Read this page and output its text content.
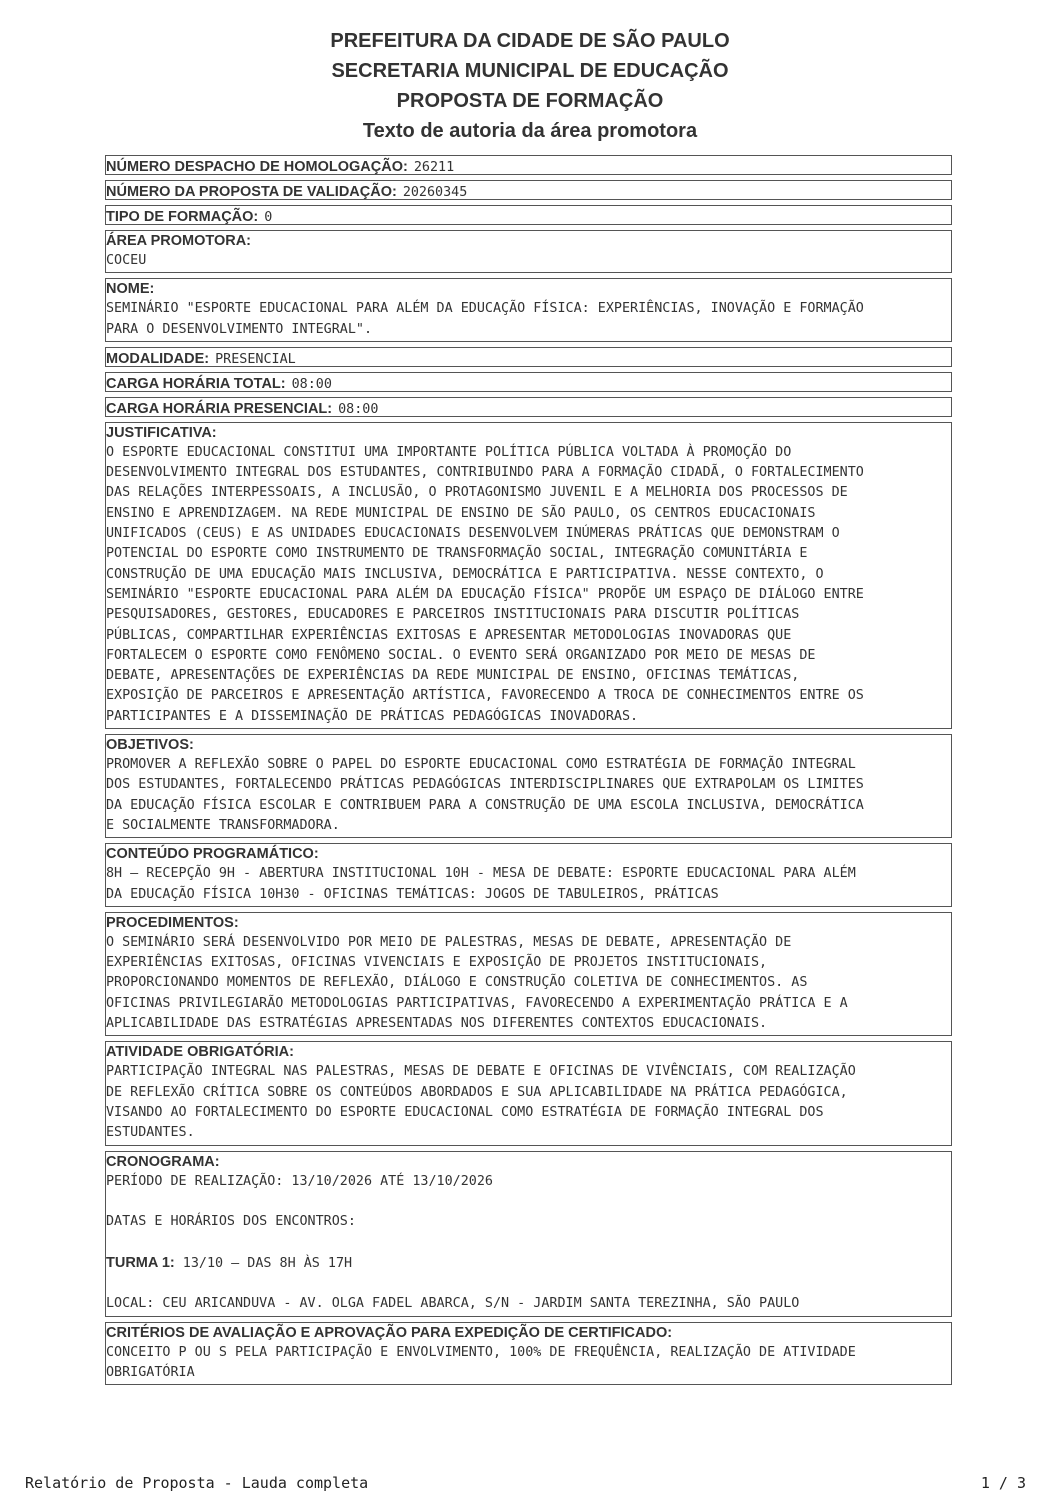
PREFEITURA DA CIDADE DE SÃO PAULO
SECRETARIA MUNICIPAL DE EDUCAÇÃO
PROPOSTA DE FORMAÇÃO
Texto de autoria da área promotora
NÚMERO DESPACHO DE HOMOLOGAÇÃO: 26211
NÚMERO DA PROPOSTA DE VALIDAÇÃO: 20260345
TIPO DE FORMAÇÃO: 0
ÁREA PROMOTORA:
COCEU
NOME:
SEMINÁRIO "ESPORTE EDUCACIONAL PARA ALÉM DA EDUCAÇÃO FÍSICA: EXPERIÊNCIAS, INOVAÇÃO E FORMAÇÃO
PARA O DESENVOLVIMENTO INTEGRAL".
MODALIDADE: PRESENCIAL
CARGA HORÁRIA TOTAL: 08:00
CARGA HORÁRIA PRESENCIAL: 08:00
JUSTIFICATIVA:
O ESPORTE EDUCACIONAL CONSTITUI UMA IMPORTANTE POLÍTICA PÚBLICA VOLTADA À PROMOÇÃO DO
DESENVOLVIMENTO INTEGRAL DOS ESTUDANTES, CONTRIBUINDO PARA A FORMAÇÃO CIDADÃ, O FORTALECIMENTO
DAS RELAÇÕES INTERPESSOAIS, A INCLUSÃO, O PROTAGONISMO JUVENIL E A MELHORIA DOS PROCESSOS DE
ENSINO E APRENDIZAGEM. NA REDE MUNICIPAL DE ENSINO DE SÃO PAULO, OS CENTROS EDUCACIONAIS
UNIFICADOS (CEUS) E AS UNIDADES EDUCACIONAIS DESENVOLVEM INÚMERAS PRÁTICAS QUE DEMONSTRAM O
POTENCIAL DO ESPORTE COMO INSTRUMENTO DE TRANSFORMAÇÃO SOCIAL, INTEGRAÇÃO COMUNITÁRIA E
CONSTRUÇÃO DE UMA EDUCAÇÃO MAIS INCLUSIVA, DEMOCRÁTICA E PARTICIPATIVA. NESSE CONTEXTO, O
SEMINÁRIO "ESPORTE EDUCACIONAL PARA ALÉM DA EDUCAÇÃO FÍSICA" PROPÕE UM ESPAÇO DE DIÁLOGO ENTRE
PESQUISADORES, GESTORES, EDUCADORES E PARCEIROS INSTITUCIONAIS PARA DISCUTIR POLÍTICAS
PÚBLICAS, COMPARTILHAR EXPERIÊNCIAS EXITOSAS E APRESENTAR METODOLOGIAS INOVADORAS QUE
FORTALECEM O ESPORTE COMO FENÔMENO SOCIAL. O EVENTO SERÁ ORGANIZADO POR MEIO DE MESAS DE
DEBATE, APRESENTAÇÕES DE EXPERIÊNCIAS DA REDE MUNICIPAL DE ENSINO, OFICINAS TEMÁTICAS,
EXPOSIÇÃO DE PARCEIROS E APRESENTAÇÃO ARTÍSTICA, FAVORECENDO A TROCA DE CONHECIMENTOS ENTRE OS
PARTICIPANTES E A DISSEMINAÇÃO DE PRÁTICAS PEDAGÓGICAS INOVADORAS.
OBJETIVOS:
PROMOVER A REFLEXÃO SOBRE O PAPEL DO ESPORTE EDUCACIONAL COMO ESTRATÉGIA DE FORMAÇÃO INTEGRAL
DOS ESTUDANTES, FORTALECENDO PRÁTICAS PEDAGÓGICAS INTERDISCIPLINARES QUE EXTRAPOLAM OS LIMITES
DA EDUCAÇÃO FÍSICA ESCOLAR E CONTRIBUEM PARA A CONSTRUÇÃO DE UMA ESCOLA INCLUSIVA, DEMOCRÁTICA
E SOCIALMENTE TRANSFORMADORA.
CONTEÚDO PROGRAMÁTICO:
8H – RECEPÇÃO 9H - ABERTURA INSTITUCIONAL 10H - MESA DE DEBATE: ESPORTE EDUCACIONAL PARA ALÉM
DA EDUCAÇÃO FÍSICA 10H30 - OFICINAS TEMÁTICAS: JOGOS DE TABULEIROS, PRÁTICAS
PROCEDIMENTOS:
O SEMINÁRIO SERÁ DESENVOLVIDO POR MEIO DE PALESTRAS, MESAS DE DEBATE, APRESENTAÇÃO DE
EXPERIÊNCIAS EXITOSAS, OFICINAS VIVENCIAIS E EXPOSIÇÃO DE PROJETOS INSTITUCIONAIS,
PROPORCIONANDO MOMENTOS DE REFLEXÃO, DIÁLOGO E CONSTRUÇÃO COLETIVA DE CONHECIMENTOS. AS
OFICINAS PRIVILEGIARÃO METODOLOGIAS PARTICIPATIVAS, FAVORECENDO A EXPERIMENTAÇÃO PRÁTICA E A
APLICABILIDADE DAS ESTRATÉGIAS APRESENTADAS NOS DIFERENTES CONTEXTOS EDUCACIONAIS.
ATIVIDADE OBRIGATÓRIA:
PARTICIPAÇÃO INTEGRAL NAS PALESTRAS, MESAS DE DEBATE E OFICINAS DE VIVÊNCIAIS, COM REALIZAÇÃO
DE REFLEXÃO CRÍTICA SOBRE OS CONTEÚDOS ABORDADOS E SUA APLICABILIDADE NA PRÁTICA PEDAGÓGICA,
VISANDO AO FORTALECIMENTO DO ESPORTE EDUCACIONAL COMO ESTRATÉGIA DE FORMAÇÃO INTEGRAL DOS
ESTUDANTES.
CRONOGRAMA:
PERÍODO DE REALIZAÇÃO: 13/10/2026 ATÉ 13/10/2026
DATAS E HORÁRIOS DOS ENCONTROS:
TURMA 1: 13/10 – DAS 8H ÀS 17H
LOCAL: CEU ARICANDUVA - AV. OLGA FADEL ABARCA, S/N - JARDIM SANTA TEREZINHA, SÃO PAULO
CRITÉRIOS DE AVALIAÇÃO E APROVAÇÃO PARA EXPEDIÇÃO DE CERTIFICADO:
CONCEITO P OU S PELA PARTICIPAÇÃO E ENVOLVIMENTO, 100% DE FREQUÊNCIA, REALIZAÇÃO DE ATIVIDADE
OBRIGATÓRIA
Relatório de Proposta - Lauda completa	1 / 3
